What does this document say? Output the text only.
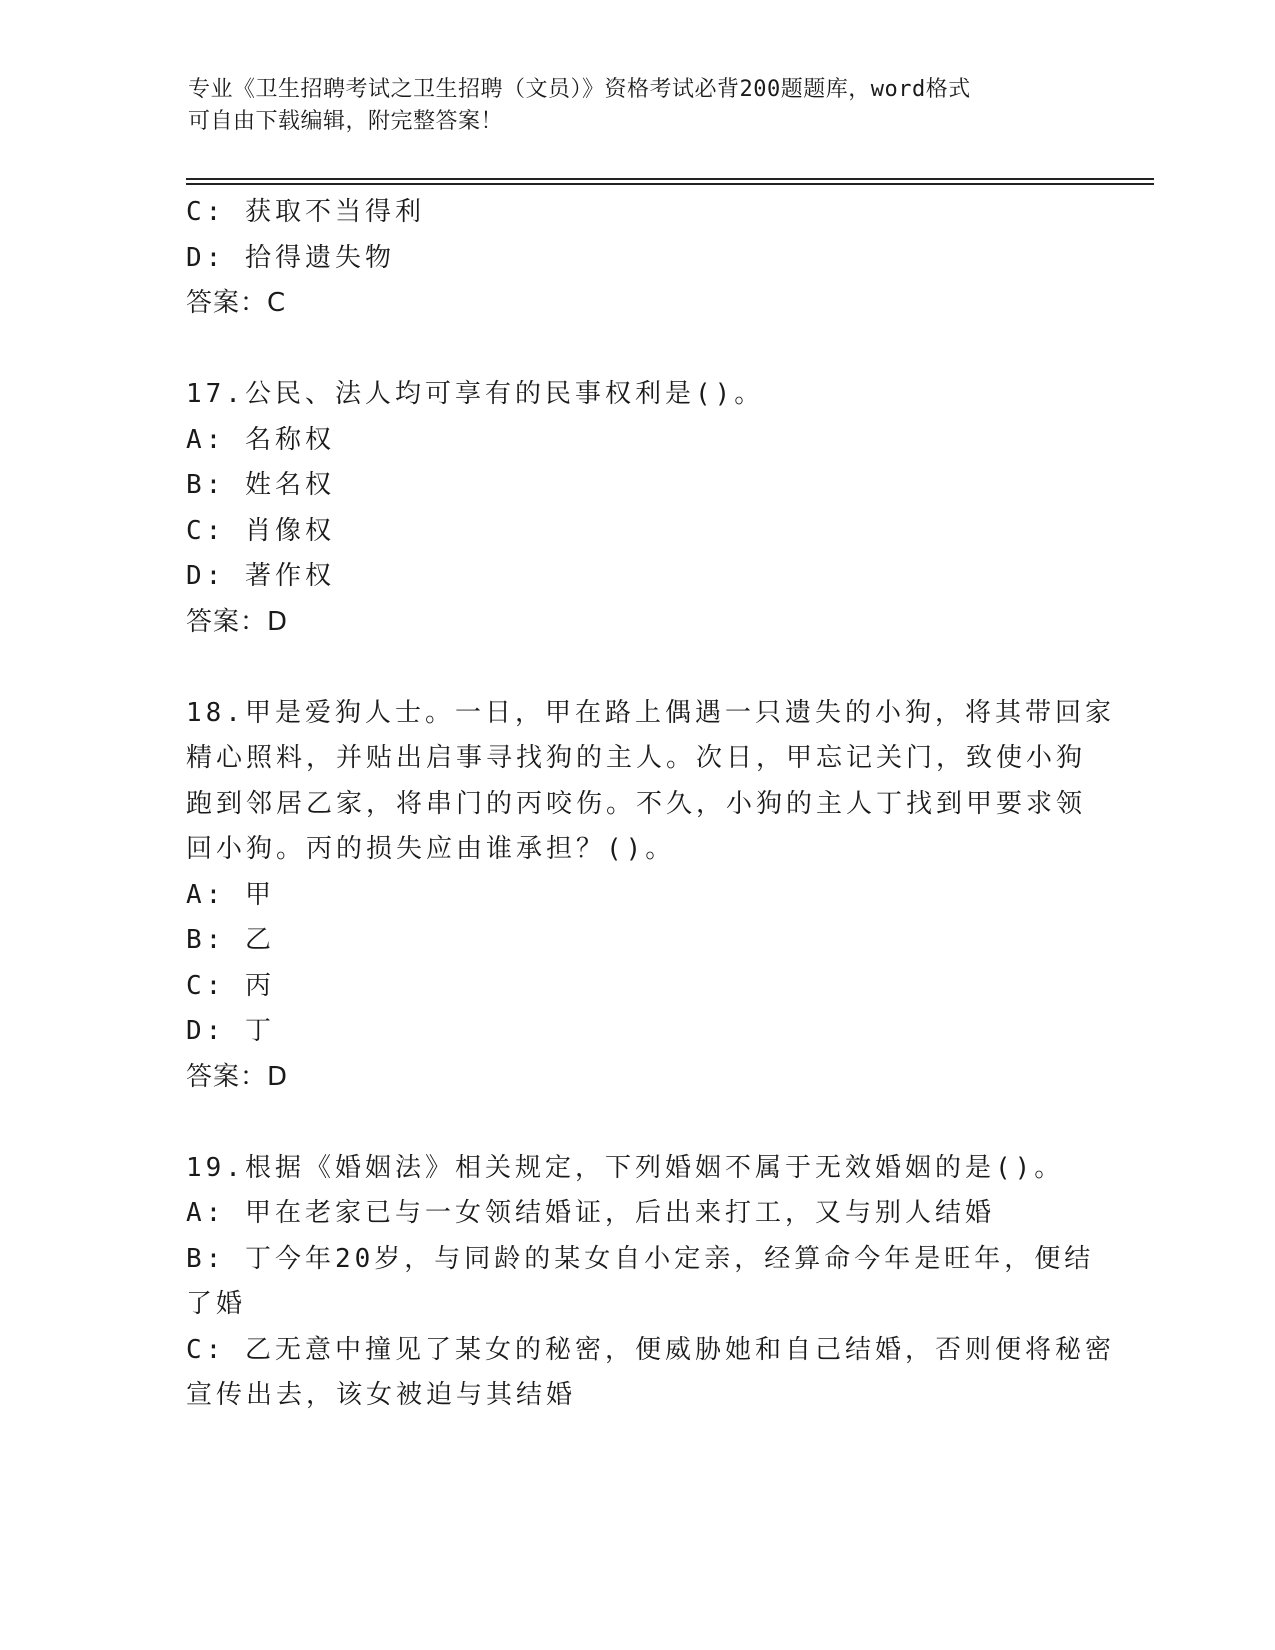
专业《卫生招聘考试之卫生招聘（文员）》资格考试必背200题题库，word格式
可自由下载编辑，附完整答案！
C: 获取不当得利
D: 拾得遗失物
答案：C
17.公民、法人均可享有的民事权利是()。
A: 名称权
B: 姓名权
C: 肖像权
D: 著作权
答案：D
18.甲是爱狗人士。一日，甲在路上偶遇一只遗失的小狗，将其带回家
精心照料，并贴出启事寻找狗的主人。次日，甲忘记关门，致使小狗
跑到邻居乙家，将串门的丙咬伤。不久，小狗的主人丁找到甲要求领
回小狗。丙的损失应由谁承担？()。
A: 甲
B: 乙
C: 丙
D: 丁
答案：D
19.根据《婚姻法》相关规定，下列婚姻不属于无效婚姻的是()。
A: 甲在老家已与一女领结婚证，后出来打工，又与别人结婚
B: 丁今年20岁，与同龄的某女自小定亲，经算命今年是旺年，便结
了婚
C: 乙无意中撞见了某女的秘密，便威胁她和自己结婚，否则便将秘密
宣传出去，该女被迫与其结婚
